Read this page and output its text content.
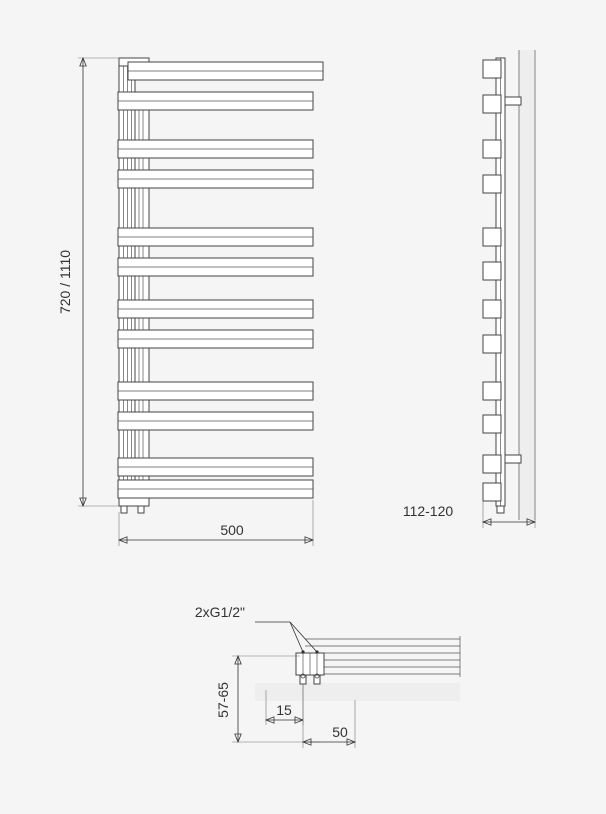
720 / 1110
500
112-120
2xG1/2"
57-65	15
50
